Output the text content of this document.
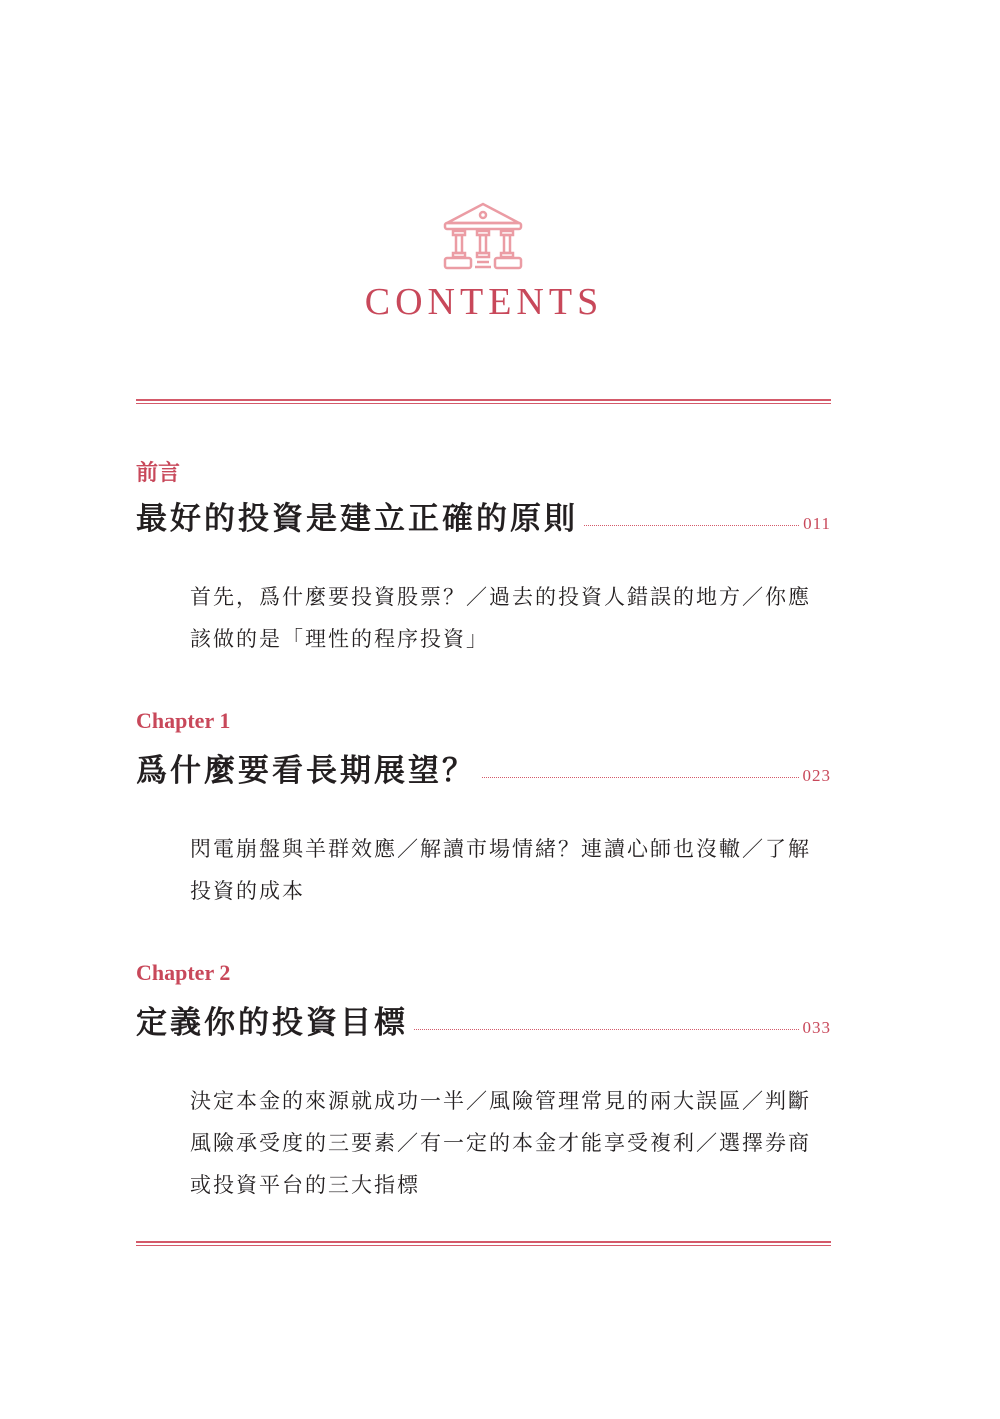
CONTENTS
前言
最好的投資是建立正確的原則	011
首先，爲什麼要投資股票？／過去的投資人錯誤的地方／你應該做的是「理性的程序投資」
Chapter 1
爲什麼要看長期展望？	023
閃電崩盤與羊群效應／解讀市場情緒？連讀心師也沒轍／了解投資的成本
Chapter 2
定義你的投資目標	033
決定本金的來源就成功一半／風險管理常見的兩大誤區／判斷風險承受度的三要素／有一定的本金才能享受複利／選擇券商或投資平台的三大指標
